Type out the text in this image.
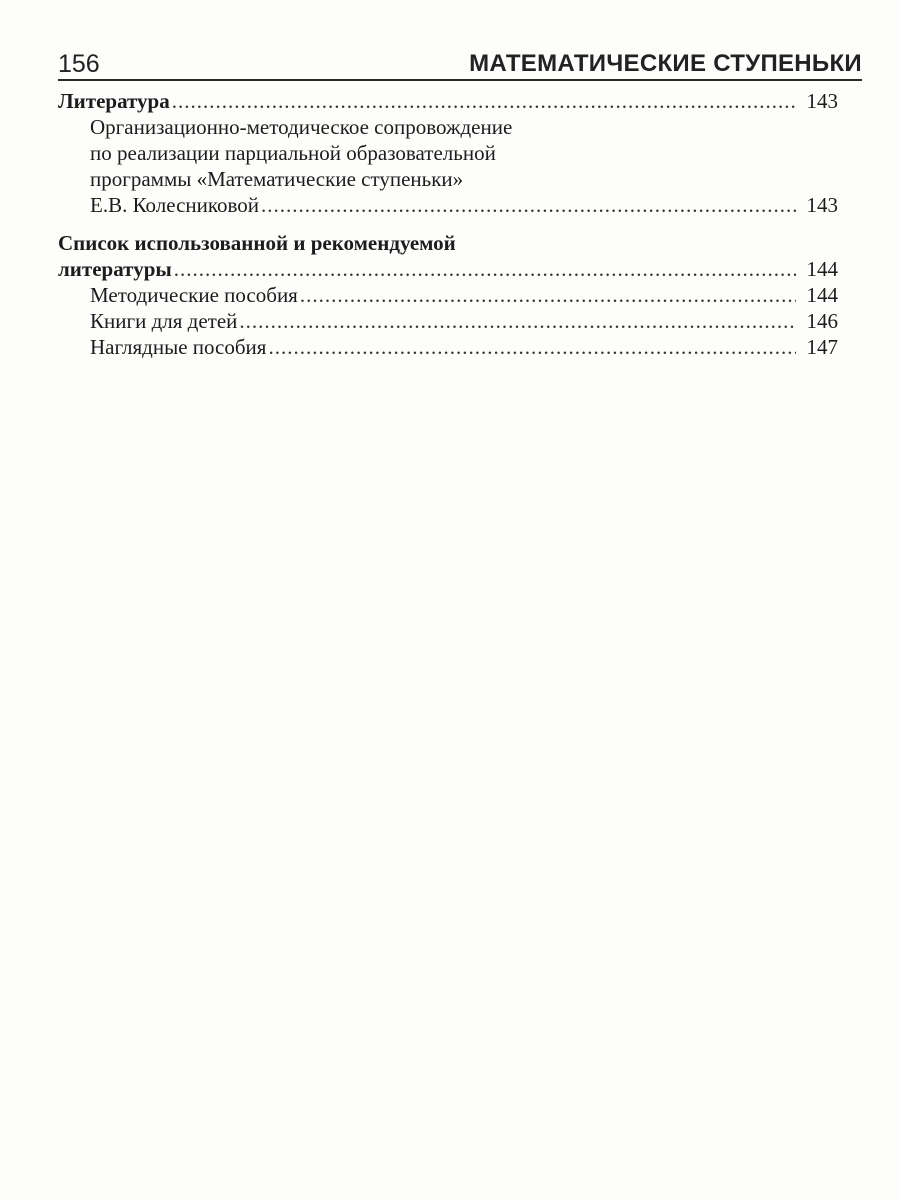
156	МАТЕМАТИЧЕСКИЕ СТУПЕНЬКИ
Литература .....	143
Организационно-методическое сопровождение
по реализации парциальной образовательной
программы «Математические ступеньки»
Е.В. Колесниковой .....	143
Список использованной и рекомендуемой
литературы .....	144
Методические пособия .....	144
Книги для детей .....	146
Наглядные пособия .....	147
